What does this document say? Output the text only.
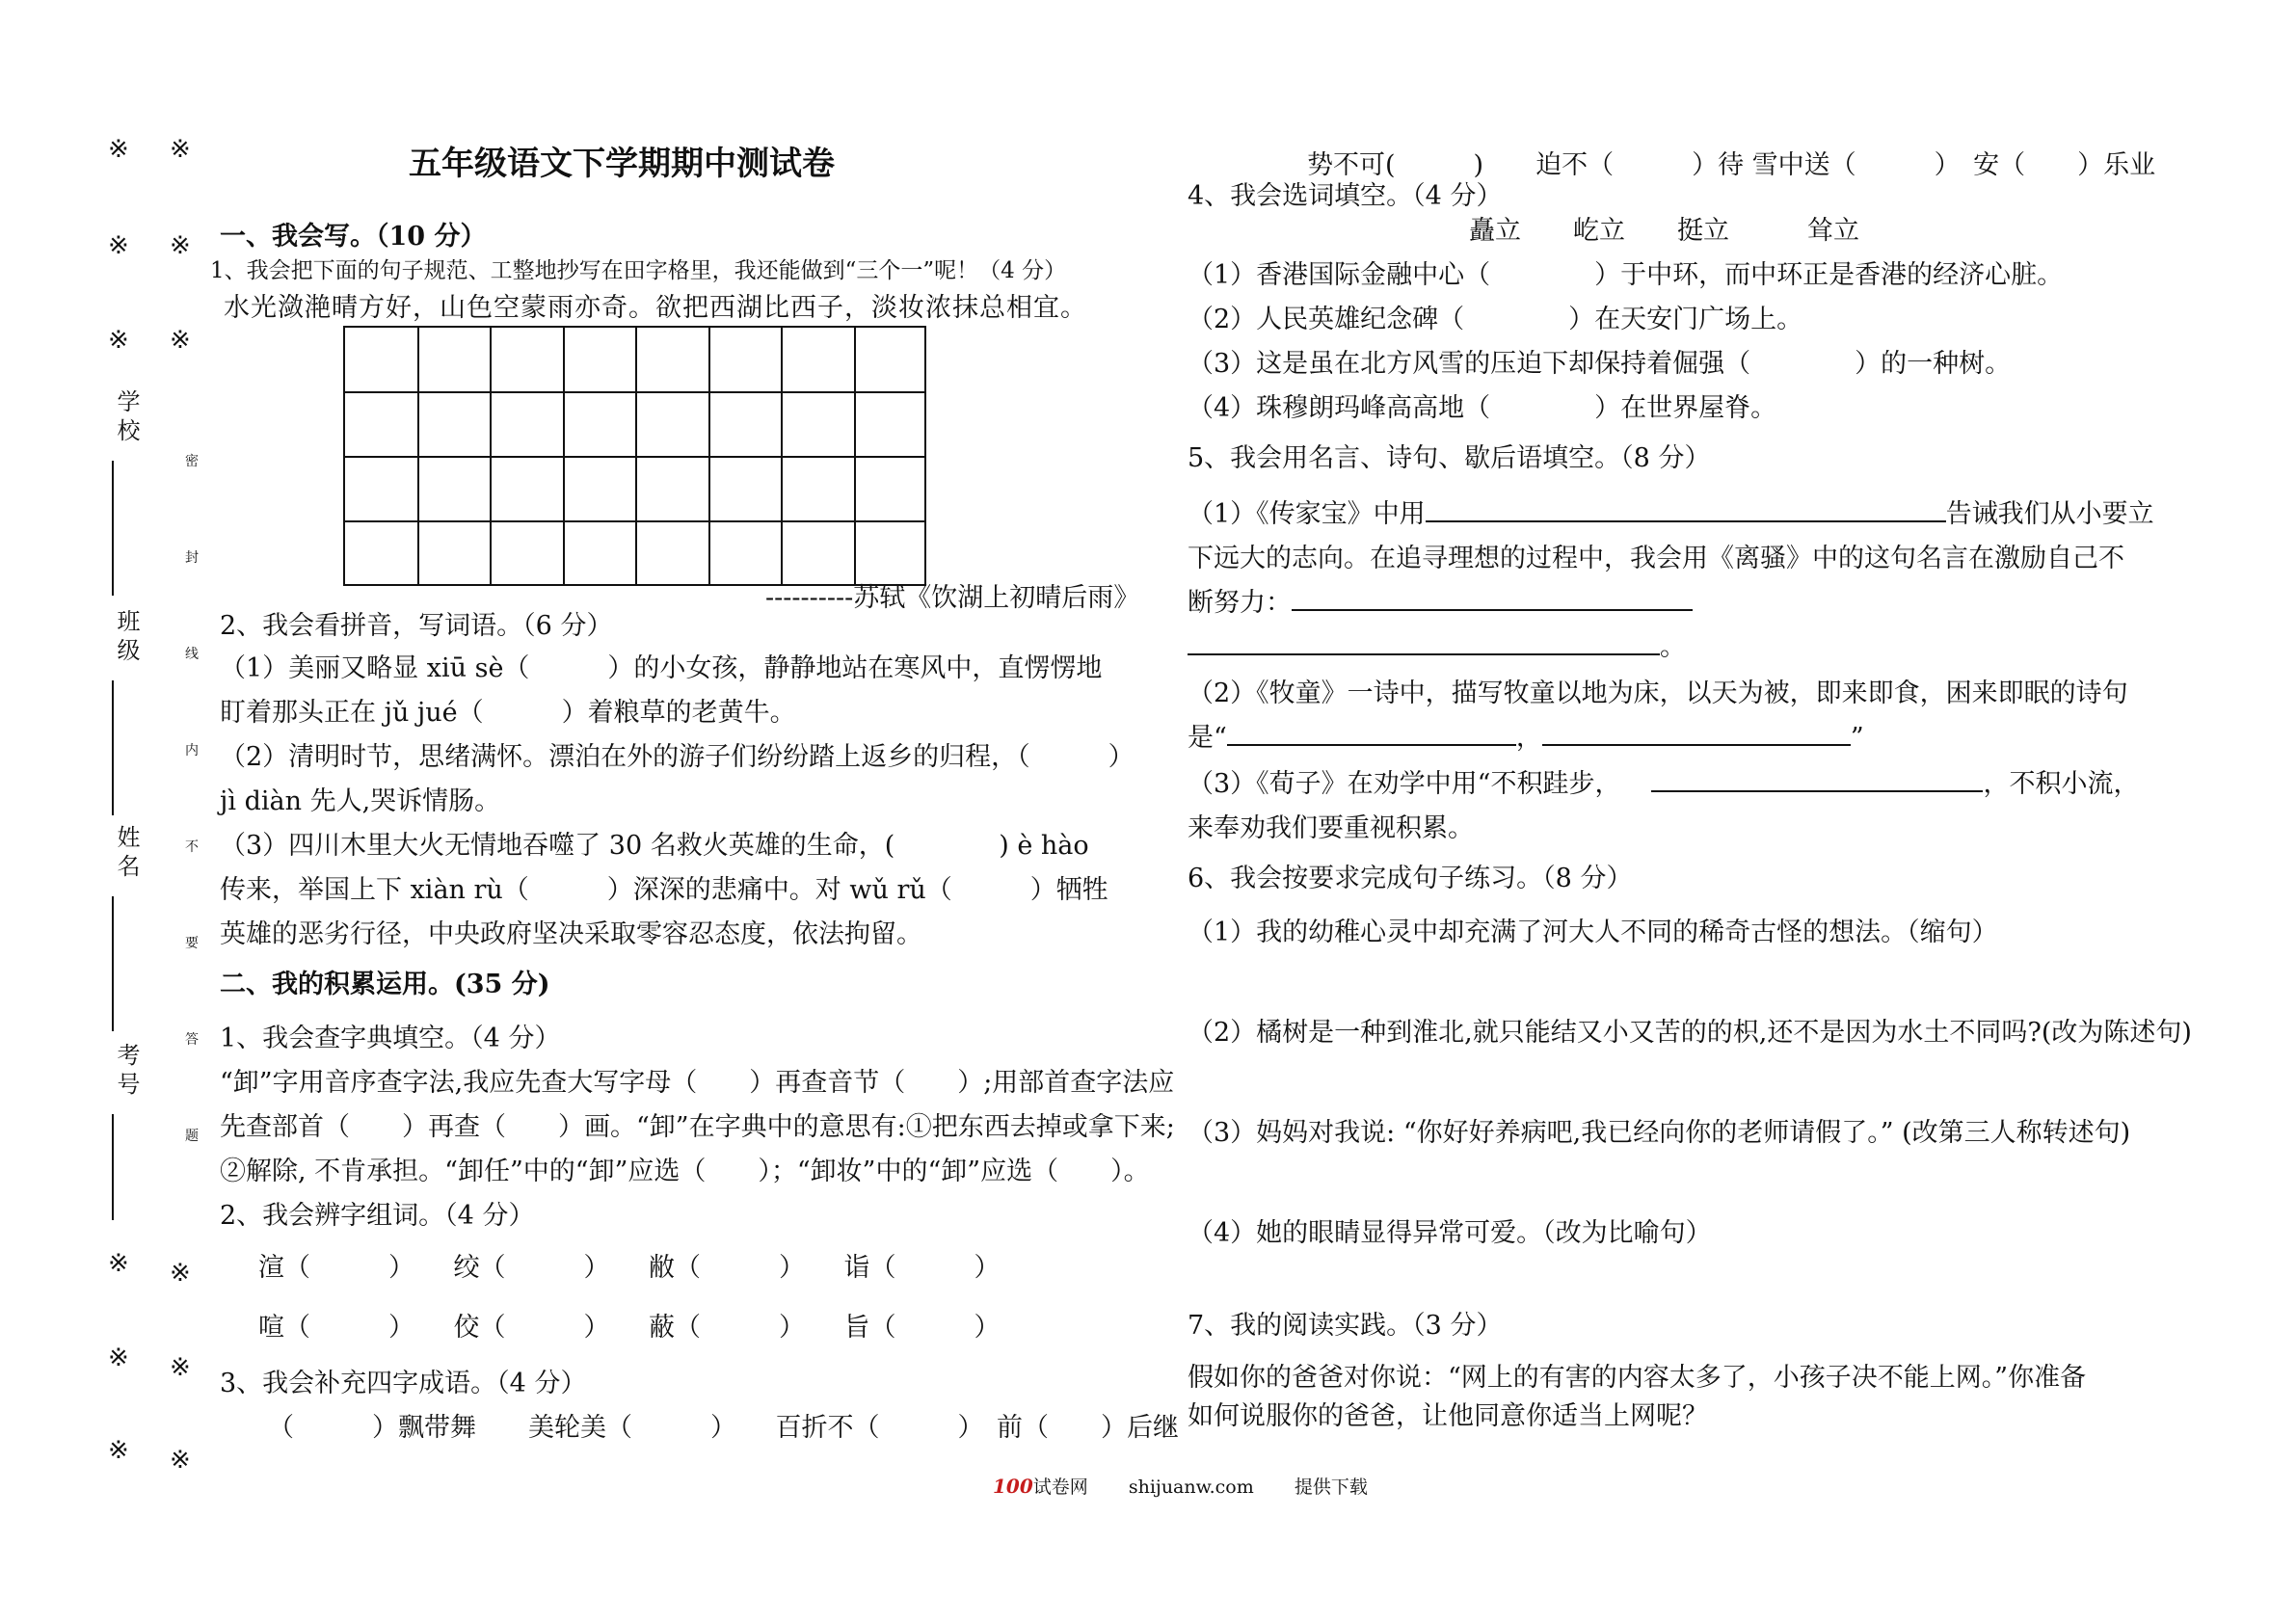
※ ※
※ ※
※ ※
学校
班级
姓名
考号
密
封
线
内
不
要
答
题
※ ※
※ ※
※ ※
五年级语文下学期期中测试卷
一、我会写。（10 分）
1、我会把下面的句子规范、工整地抄写在田字格里，我还能做到“三个一”呢！（4 分）
水光潋滟晴方好，山色空蒙雨亦奇。欲把西湖比西子，淡妆浓抹总相宜。
----------苏轼《饮湖上初晴后雨》
2、我会看拼音，写词语。（6 分）
（1）美丽又略显 xiū sè（　　　）的小女孩，静静地站在寒风中，直愣愣地
盯着那头正在 jǔ jué（　　　）着粮草的老黄牛。
（2）清明时节，思绪满怀。漂泊在外的游子们纷纷踏上返乡的归程，（　　　）
jì diàn 先人,哭诉情肠。
（3）四川木里大火无情地吞噬了 30 名救火英雄的生命，(　　　　) è hào
传来，举国上下 xiàn rù（　　　）深深的悲痛中。对 wǔ rǔ（　　　）牺牲
英雄的恶劣行径，中央政府坚决采取零容忍态度，依法拘留。
二、我的积累运用。(35 分)
1、我会查字典填空。（4 分）
“卸”字用音序查字法,我应先查大写字母（　　）再查音节（　　）;用部首查字法应
先查部首（　　）再查（　　）画。“卸”在字典中的意思有:①把东西去掉或拿下来;
②解除, 不肯承担。“卸任”中的“卸”应选（　　）；“卸妆”中的“卸”应选（　　）。
2、我会辨字组词。（4 分）
渲（　　　）　　绞（　　　）　　敝（　　　）　　诣（　　　）
喧（　　　）　　佼（　　　）　　蔽（　　　）　　旨（　　　）
3、我会补充四字成语。（4 分）
（　　　）飘带舞　　美轮美（　　　）　　百折不（　　　）　前（　　）后继
势不可(　　　)　　迫不（　　　）待 雪中送（　　　）　安（　　）乐业
4、我会选词填空。（4 分）
矗立　　屹立　　挺立　　　耸立
（1）香港国际金融中心（　　　　）于中环，而中环正是香港的经济心脏。
（2）人民英雄纪念碑（　　　　）在天安门广场上。
（3）这是虽在北方风雪的压迫下却保持着倔强（　　　　）的一种树。
（4）珠穆朗玛峰高高地（　　　　）在世界屋脊。
5、我会用名言、诗句、歇后语填空。（8 分）
（1）《传家宝》中用	告诫我们从小要立
下远大的志向。在追寻理想的过程中，我会用《离骚》中的这句名言在激励自己不
断努力：
。
（2）《牧童》一诗中，描写牧童以地为床，以天为被，即来即食，困来即眠的诗句
是“	，	”
（3）《荀子》在劝学中用“不积跬步，	，不积小流，
来奉劝我们要重视积累。
6、我会按要求完成句子练习。（8 分）
（1）我的幼稚心灵中却充满了河大人不同的稀奇古怪的想法。（缩句）
（2）橘树是一种到淮北,就只能结又小又苦的的枳,还不是因为水土不同吗?(改为陈述句)
（3）妈妈对我说: “你好好养病吧,我已经向你的老师请假了。” (改第三人称转述句)
（4）她的眼睛显得异常可爱。（改为比喻句）
7、我的阅读实践。（3 分）
假如你的爸爸对你说：“网上的有害的内容太多了，小孩子决不能上网。”你准备
如何说服你的爸爸，让他同意你适当上网呢？
100试卷网 shijuanw.com 提供下载
